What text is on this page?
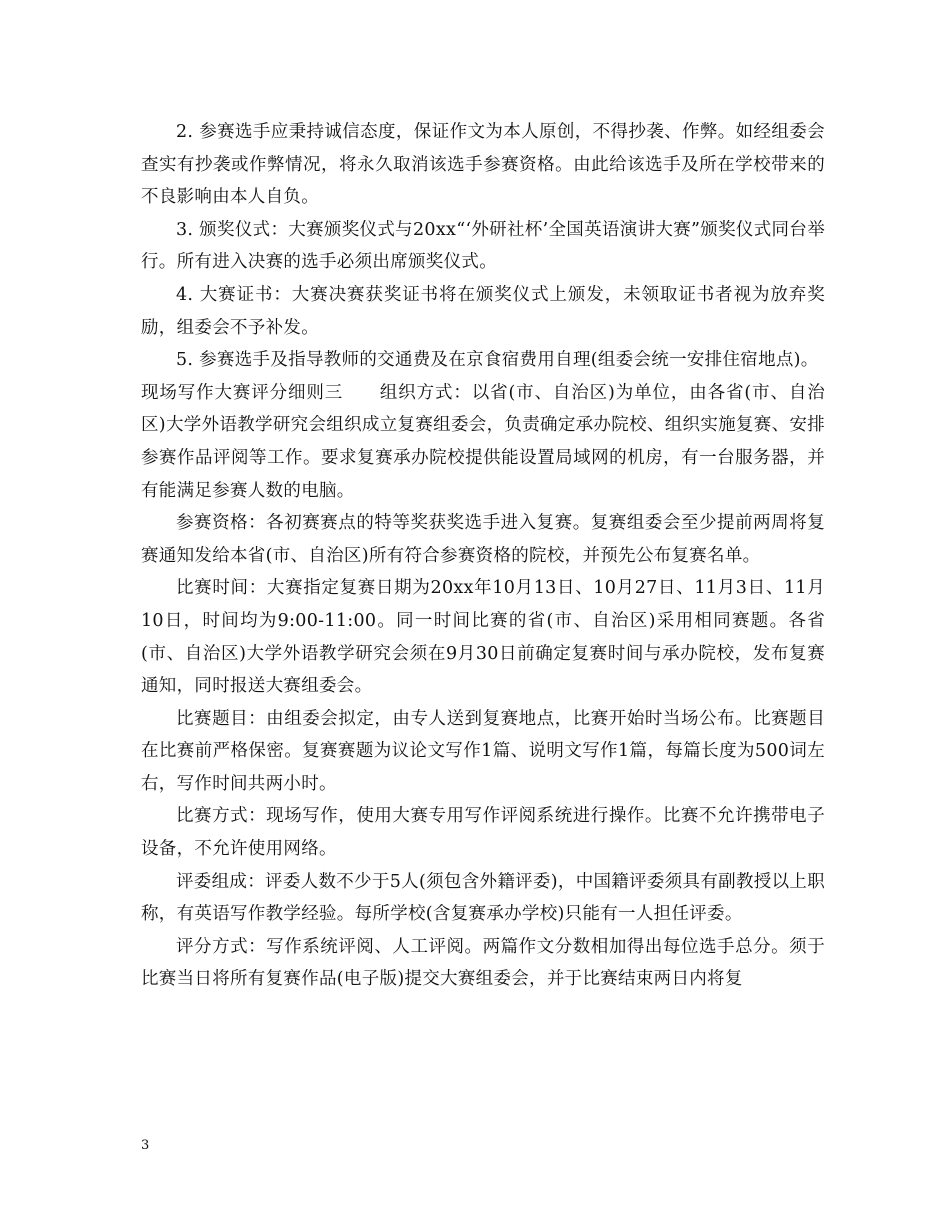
2. 参赛选手应秉持诚信态度，保证作文为本人原创，不得抄袭、作弊。如经组委会查实有抄袭或作弊情况，将永久取消该选手参赛资格。由此给该选手及所在学校带来的不良影响由本人自负。

3. 颁奖仪式：大赛颁奖仪式与20xx“‘外研社杯’全国英语演讲大赛”颁奖仪式同台举行。所有进入决赛的选手必须出席颁奖仪式。

4. 大赛证书：大赛决赛获奖证书将在颁奖仪式上颁发，未领取证书者视为放弃奖励，组委会不予补发。

5. 参赛选手及指导教师的交通费及在京食宿费用自理(组委会统一安排住宿地点)。

现场写作大赛评分细则三　　组织方式：以省(市、自治区)为单位，由各省(市、自治区)大学外语教学研究会组织成立复赛组委会，负责确定承办院校、组织实施复赛、安排参赛作品评阅等工作。要求复赛承办院校提供能设置局域网的机房，有一台服务器，并有能满足参赛人数的电脑。

参赛资格：各初赛赛点的特等奖获奖选手进入复赛。复赛组委会至少提前两周将复赛通知发给本省(市、自治区)所有符合参赛资格的院校，并预先公布复赛名单。

比赛时间：大赛指定复赛日期为20xx年10月13日、10月27日、11月3日、11月10日，时间均为9:00-11:00。同一时间比赛的省(市、自治区)采用相同赛题。各省(市、自治区)大学外语教学研究会须在9月30日前确定复赛时间与承办院校，发布复赛通知，同时报送大赛组委会。

比赛题目：由组委会拟定，由专人送到复赛地点，比赛开始时当场公布。比赛题目在比赛前严格保密。复赛赛题为议论文写作1篇、说明文写作1篇，每篇长度为500词左右，写作时间共两小时。

比赛方式：现场写作，使用大赛专用写作评阅系统进行操作。比赛不允许携带电子设备，不允许使用网络。

评委组成：评委人数不少于5人(须包含外籍评委)，中国籍评委须具有副教授以上职称，有英语写作教学经验。每所学校(含复赛承办学校)只能有一人担任评委。

评分方式：写作系统评阅、人工评阅。两篇作文分数相加得出每位选手总分。须于比赛当日将所有复赛作品(电子版)提交大赛组委会，并于比赛结束两日内将复

3
